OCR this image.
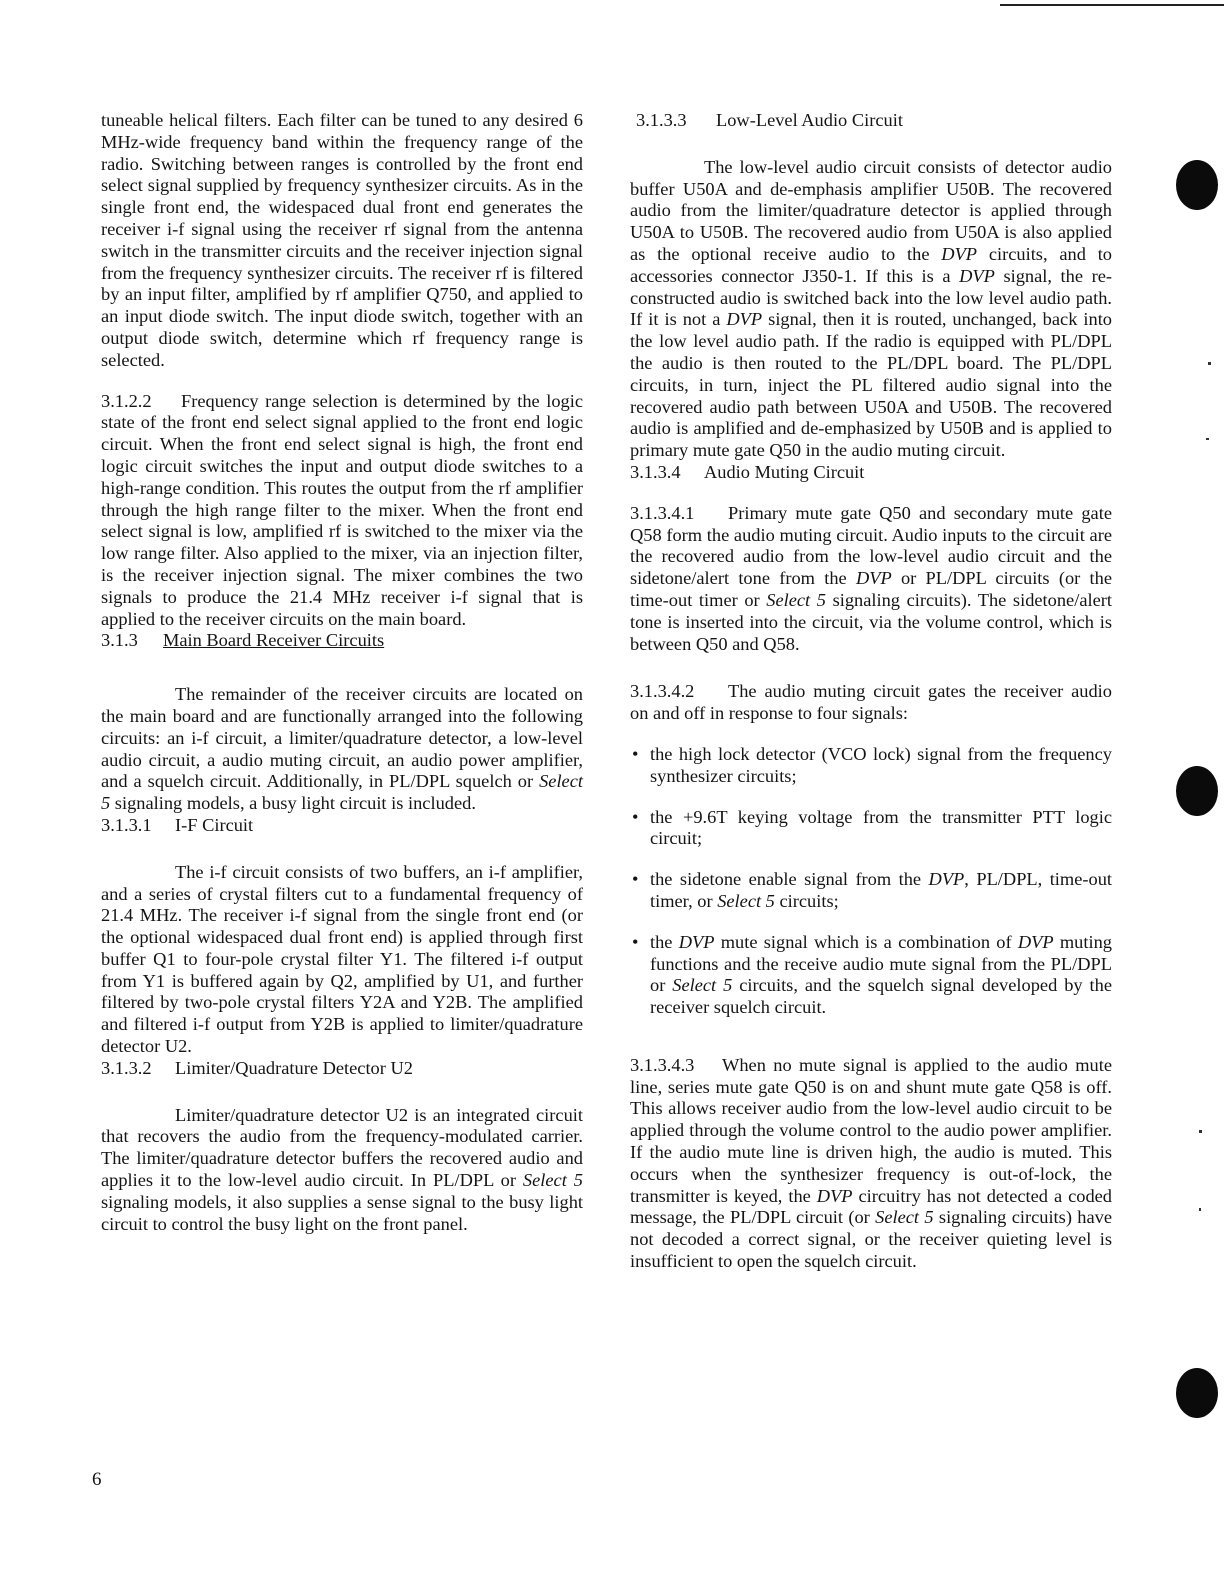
tuneable helical filters. Each filter can be tuned to any desired 6 MHz-wide frequency band within the frequency range of the radio. Switching between ranges is controlled by the front end select signal supplied by frequency synthesizer circuits. As in the single front end, the widespaced dual front end generates the receiver i-f signal using the receiver rf signal from the antenna switch in the transmitter circuits and the receiver injection signal from the frequency synthesizer circuits. The receiver rf is filtered by an input filter, amplified by rf amplifier Q750, and applied to an input diode switch. The input diode switch, together with an output diode switch, determine which rf frequency range is selected.

3.1.2.2 Frequency range selection is determined by the logic state of the front end select signal applied to the front end logic circuit. When the front end select signal is high, the front end logic circuit switches the input and output diode switches to a high-range condition. This routes the output from the rf amplifier through the high range filter to the mixer. When the front end select signal is low, amplified rf is switched to the mixer via the low range filter. Also applied to the mixer, via an injection filter, is the receiver injection signal. The mixer combines the two signals to produce the 21.4 MHz receiver i-f signal that is applied to the receiver circuits on the main board.

3.1.3 Main Board Receiver Circuits

The remainder of the receiver circuits are located on the main board and are functionally arranged into the following circuits: an i-f circuit, a limiter/quadrature detector, a low-level audio circuit, a audio muting circuit, an audio power amplifier, and a squelch circuit. Additionally, in PL/DPL squelch or Select 5 signaling models, a busy light circuit is included.

3.1.3.1 I-F Circuit

The i-f circuit consists of two buffers, an i-f amplifier, and a series of crystal filters cut to a fundamental frequency of 21.4 MHz. The receiver i-f signal from the single front end (or the optional widespaced dual front end) is applied through first buffer Q1 to four-pole crystal filter Y1. The filtered i-f output from Y1 is buffered again by Q2, amplified by U1, and further filtered by two-pole crystal filters Y2A and Y2B. The amplified and filtered i-f output from Y2B is applied to limiter/quadrature detector U2.

3.1.3.2 Limiter/Quadrature Detector U2

Limiter/quadrature detector U2 is an integrated circuit that recovers the audio from the frequency-modulated carrier. The limiter/quadrature detector buffers the recovered audio and applies it to the low-level audio circuit. In PL/DPL or Select 5 signaling models, it also supplies a sense signal to the busy light circuit to control the busy light on the front panel.

3.1.3.3 Low-Level Audio Circuit

The low-level audio circuit consists of detector audio buffer U50A and de-emphasis amplifier U50B. The recovered audio from the limiter/quadrature detector is applied through U50A to U50B. The recovered audio from U50A is also applied as the optional receive audio to the DVP circuits, and to accessories connector J350-1. If this is a DVP signal, the re-constructed audio is switched back into the low level audio path. If it is not a DVP signal, then it is routed, unchanged, back into the low level audio path. If the radio is equipped with PL/DPL the audio is then routed to the PL/DPL board. The PL/DPL circuits, in turn, inject the PL filtered audio signal into the recovered audio path between U50A and U50B. The recovered audio is amplified and de-emphasized by U50B and is applied to primary mute gate Q50 in the audio muting circuit.

3.1.3.4 Audio Muting Circuit

3.1.3.4.1 Primary mute gate Q50 and secondary mute gate Q58 form the audio muting circuit. Audio inputs to the circuit are the recovered audio from the low-level audio circuit and the sidetone/alert tone from the DVP or PL/DPL circuits (or the time-out timer or Select 5 signaling circuits). The sidetone/alert tone is inserted into the circuit, via the volume control, which is between Q50 and Q58.

3.1.3.4.2 The audio muting circuit gates the receiver audio on and off in response to four signals:

• the high lock detector (VCO lock) signal from the frequency synthesizer circuits;
• the +9.6T keying voltage from the transmitter PTT logic circuit;
• the sidetone enable signal from the DVP, PL/DPL, time-out timer, or Select 5 circuits;
• the DVP mute signal which is a combination of DVP muting functions and the receive audio mute signal from the PL/DPL or Select 5 circuits, and the squelch signal developed by the receiver squelch circuit.

3.1.3.4.3 When no mute signal is applied to the audio mute line, series mute gate Q50 is on and shunt mute gate Q58 is off. This allows receiver audio from the low-level audio circuit to be applied through the volume control to the audio power amplifier. If the audio mute line is driven high, the audio is muted. This occurs when the synthesizer frequency is out-of-lock, the transmitter is keyed, the DVP circuitry has not detected a coded message, the PL/DPL circuit (or Select 5 signaling circuits) have not decoded a correct signal, or the receiver quieting level is insufficient to open the squelch circuit.

6
